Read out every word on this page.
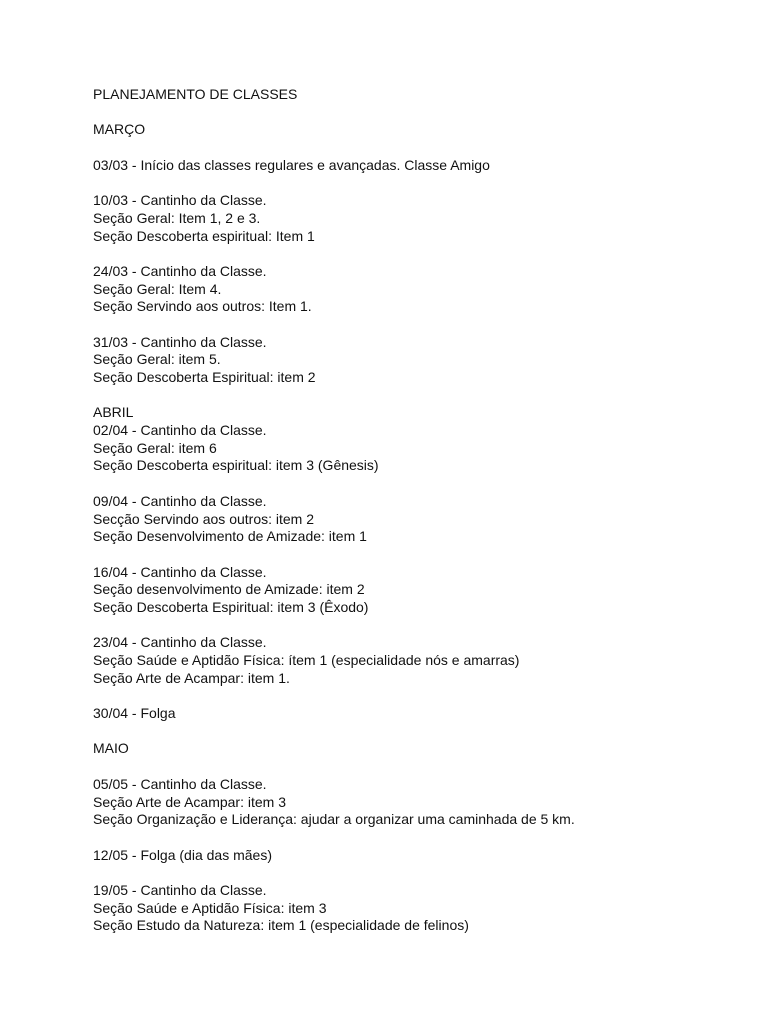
PLANEJAMENTO DE CLASSES
MARÇO
03/03 - Início das classes regulares e avançadas. Classe Amigo
10/03 - Cantinho da Classe.
Seção Geral: Item 1, 2 e 3.
Seção Descoberta espiritual: Item 1
24/03 - Cantinho da Classe.
Seção Geral: Item 4.
Seção Servindo aos outros: Item 1.
31/03 - Cantinho da Classe.
Seção Geral: item 5.
Seção Descoberta Espiritual: item 2
ABRIL
02/04 - Cantinho da Classe.
Seção Geral: item 6
Seção Descoberta espiritual: item 3 (Gênesis)
09/04 - Cantinho da Classe.
Secção Servindo aos outros: item 2
Seção Desenvolvimento de Amizade: item 1
16/04 - Cantinho da Classe.
Seção desenvolvimento de Amizade: item 2
Seção Descoberta Espiritual: item 3 (Êxodo)
23/04 - Cantinho da Classe.
Seção Saúde e Aptidão Física: ítem 1 (especialidade nós e amarras)
Seção Arte de Acampar: item 1.
30/04 - Folga
MAIO
05/05 - Cantinho da Classe.
Seção Arte de Acampar: item 3
Seção Organização e Liderança: ajudar a organizar uma caminhada de 5 km.
12/05 - Folga (dia das mães)
19/05 - Cantinho da Classe.
Seção Saúde e Aptidão Física: item 3
Seção Estudo da Natureza: item 1 (especialidade de felinos)
